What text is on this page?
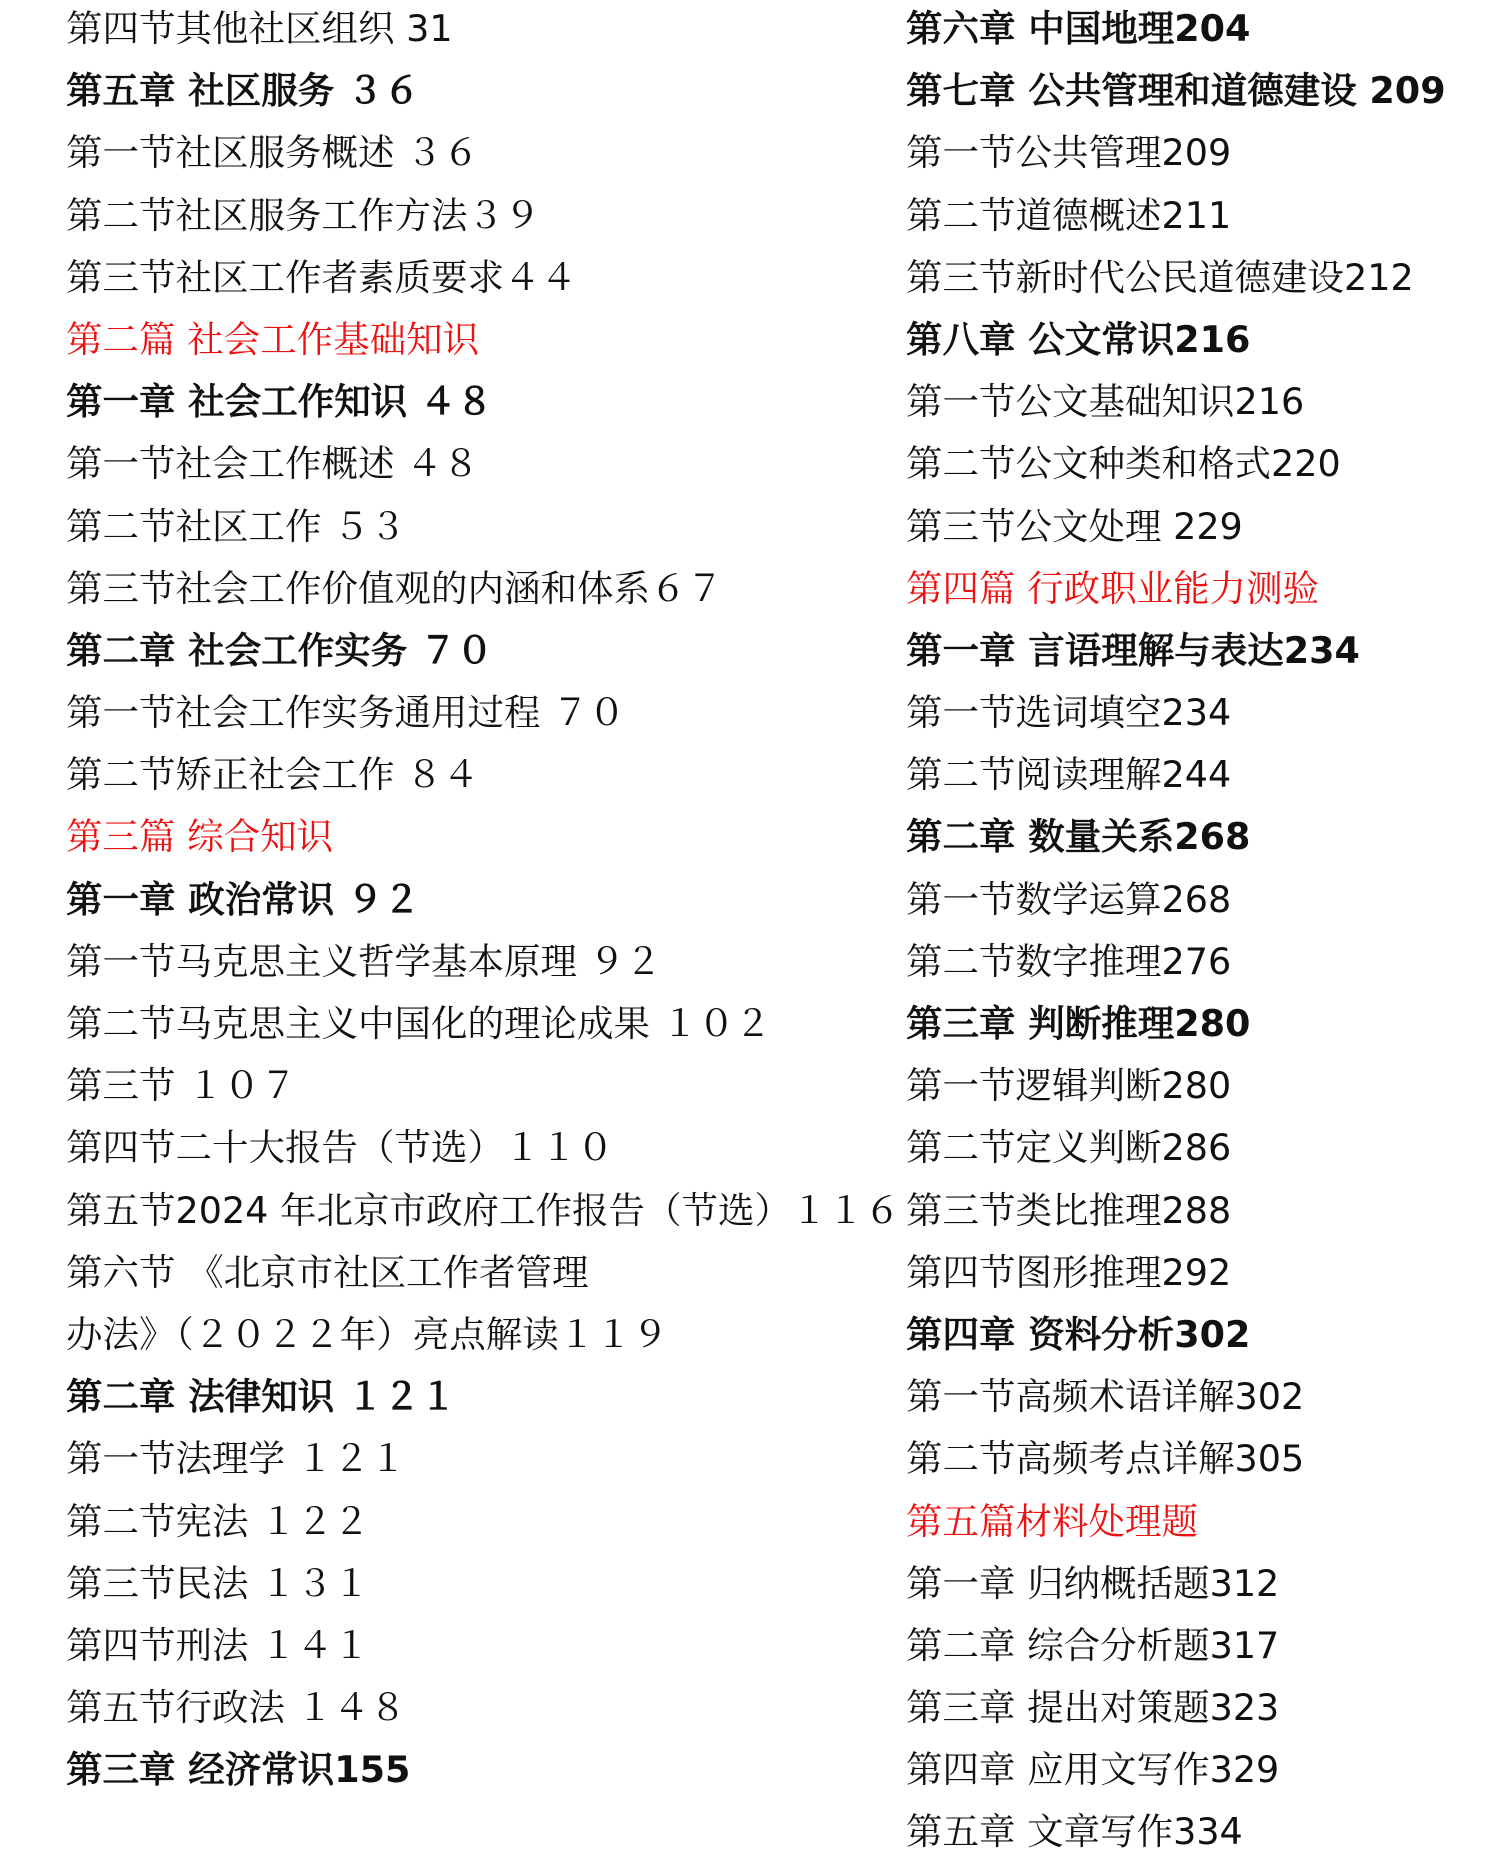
第四节其他社区组织 31
第五章 社区服务 ３６
第一节社区服务概述 ３６
第二节社区服务工作方法３９
第三节社区工作者素质要求４４
第二篇 社会工作基础知识
第一章 社会工作知识 ４８
第一节社会工作概述 ４８
第二节社区工作 ５３
第三节社会工作价值观的内涵和体系６７
第二章 社会工作实务 ７０
第一节社会工作实务通用过程 ７０
第二节矫正社会工作 ８４
第三篇 综合知识
第一章 政治常识 ９２
第一节马克思主义哲学基本原理 ９２
第二节马克思主义中国化的理论成果 １０２
第三节 １０７
第四节二十大报告（节选）１１０
第五节2024 年北京市政府工作报告（节选）１１６
第六节 《北京市社区工作者管理
办法》（２０２２年）亮点解读１１９
第二章 法律知识 １２１
第一节法理学 １２１
第二节宪法 １２２
第三节民法 １３１
第四节刑法 １４１
第五节行政法 １４８
第三章 经济常识155
第六章 中国地理204
第七章 公共管理和道德建设 209
第一节公共管理209
第二节道德概述211
第三节新时代公民道德建设212
第八章 公文常识216
第一节公文基础知识216
第二节公文种类和格式220
第三节公文处理 229
第四篇 行政职业能力测验
第一章 言语理解与表达234
第一节选词填空234
第二节阅读理解244
第二章 数量关系268
第一节数学运算268
第二节数字推理276
第三章 判断推理280
第一节逻辑判断280
第二节定义判断286
第三节类比推理288
第四节图形推理292
第四章 资料分析302
第一节高频术语详解302
第二节高频考点详解305
第五篇材料处理题
第一章 归纳概括题312
第二章 综合分析题317
第三章 提出对策题323
第四章 应用文写作329
第五章 文章写作334
